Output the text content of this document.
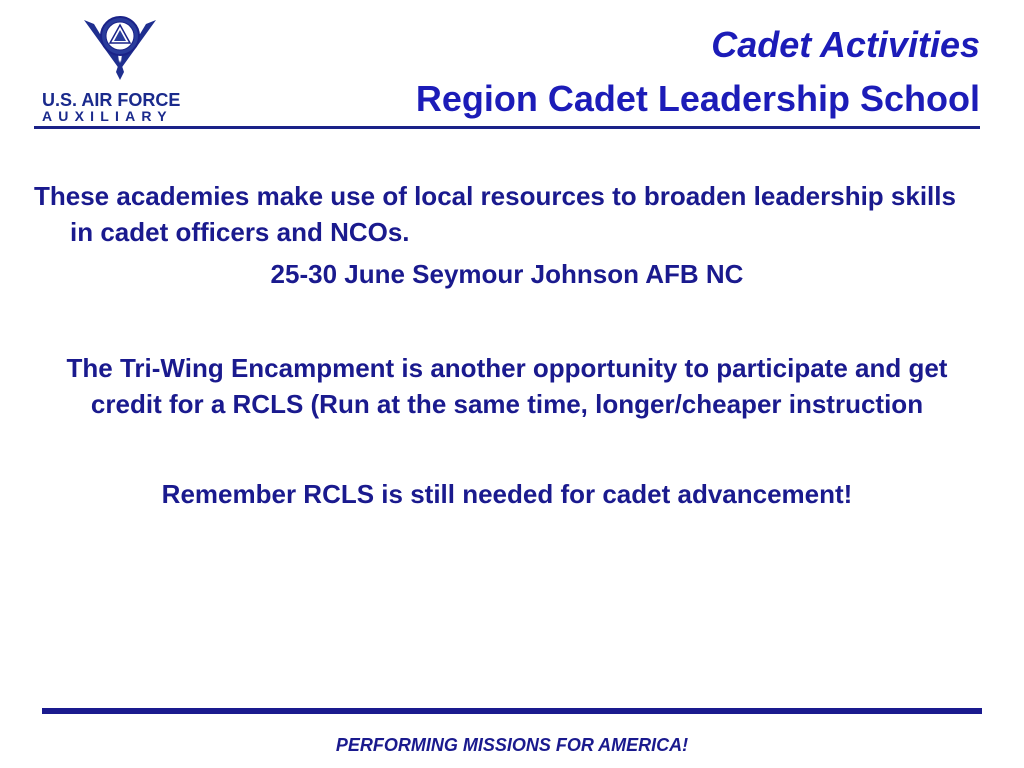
U.S. AIR FORCE
AUXILIARY
Cadet Activities
Region Cadet Leadership School

These academies make use of local resources to broaden leadership skills in cadet officers and NCOs.

25-30 June Seymour Johnson AFB NC

The Tri-Wing Encampment is another opportunity to participate and get credit for a RCLS (Run at the same time, longer/cheaper instruction

Remember RCLS is still needed for cadet advancement!

PERFORMING MISSIONS FOR AMERICA!
